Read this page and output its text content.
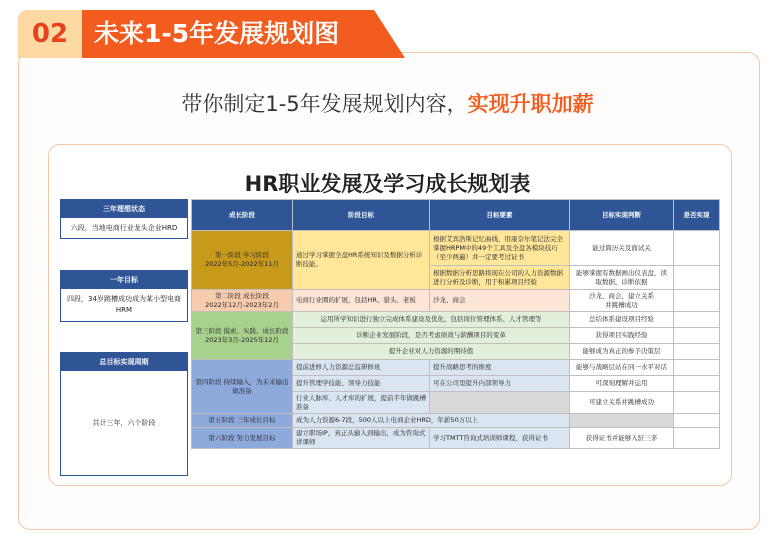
02	未来1-5年发展规划图
带你制定1-5年发展规划内容，实现升职加薪
HR职业发展及学习成长规划表
三年理想状态
六段，当地电商行业龙头企业HRD
一年目标
四段，34岁跳槽成功成为某小型电商HRM
总目标实现周期
共计三年，六个阶段
成长阶段	阶段目标	目标要素	目标实现判断	是否实现
第一阶段 学习阶段
2022年5月-2022年11月	通过学习掌握全盘HR系统知识及数据分析诊断技能。	根据艾宾浩斯记忆曲线，用康奈尔笔记法完全掌握HRPM中的49个工具及全盘各模块技巧（至少两遍）并一定要考过证书	能过简历关及面试关	
		根据数据分析思路将现在公司的人力资源数据进行分析及诊断，用于积累项目经验	能够掌握有数据画出仪表盘，读取数据，诊断依据	
第二阶段 成长阶段
2022年12月-2023年2月	电商行业圈的扩展，包括HR、猎头、老板	沙龙、商会	沙龙、商会，建立关系
并跳槽成功	
第三阶段 摸索、实践、成长阶段
2023年3月-2025年12月	运用所学知识进行独立完成体系建设及优化，包括岗位管理体系、人才管理等		总结体系建设项目经验	
	诊断企业发展阶段，是否考虑绩效与薪酬项目的变革		获得项目实践经验	
	提升企业对人力资源的期待值		能够成为真正的参予决策层	
第四阶段 持续输入，为未来输出做准备	提前进修人力资源总监研修班	提升战略思考的维度	能够与战略层站在同一水平对话	
	提升管理学技能、领导力技能	可在公司里提升内部领导力	可深刻理解并运用	
	行业人脉库、人才库的扩展，提前半年做跳槽准备		可建立关系并跳槽成功	
第五阶段 三年成长目标	成为人力资源6-7段，500人以上电商企业HRD，年薪50万以上			
第六阶段 努力发展目标	建立职场IP，真正从输入到输出，成为咨询式讲课师	学习TMTT咨询式培训师课程，获得证书	获得证书并能够入驻三茅	
